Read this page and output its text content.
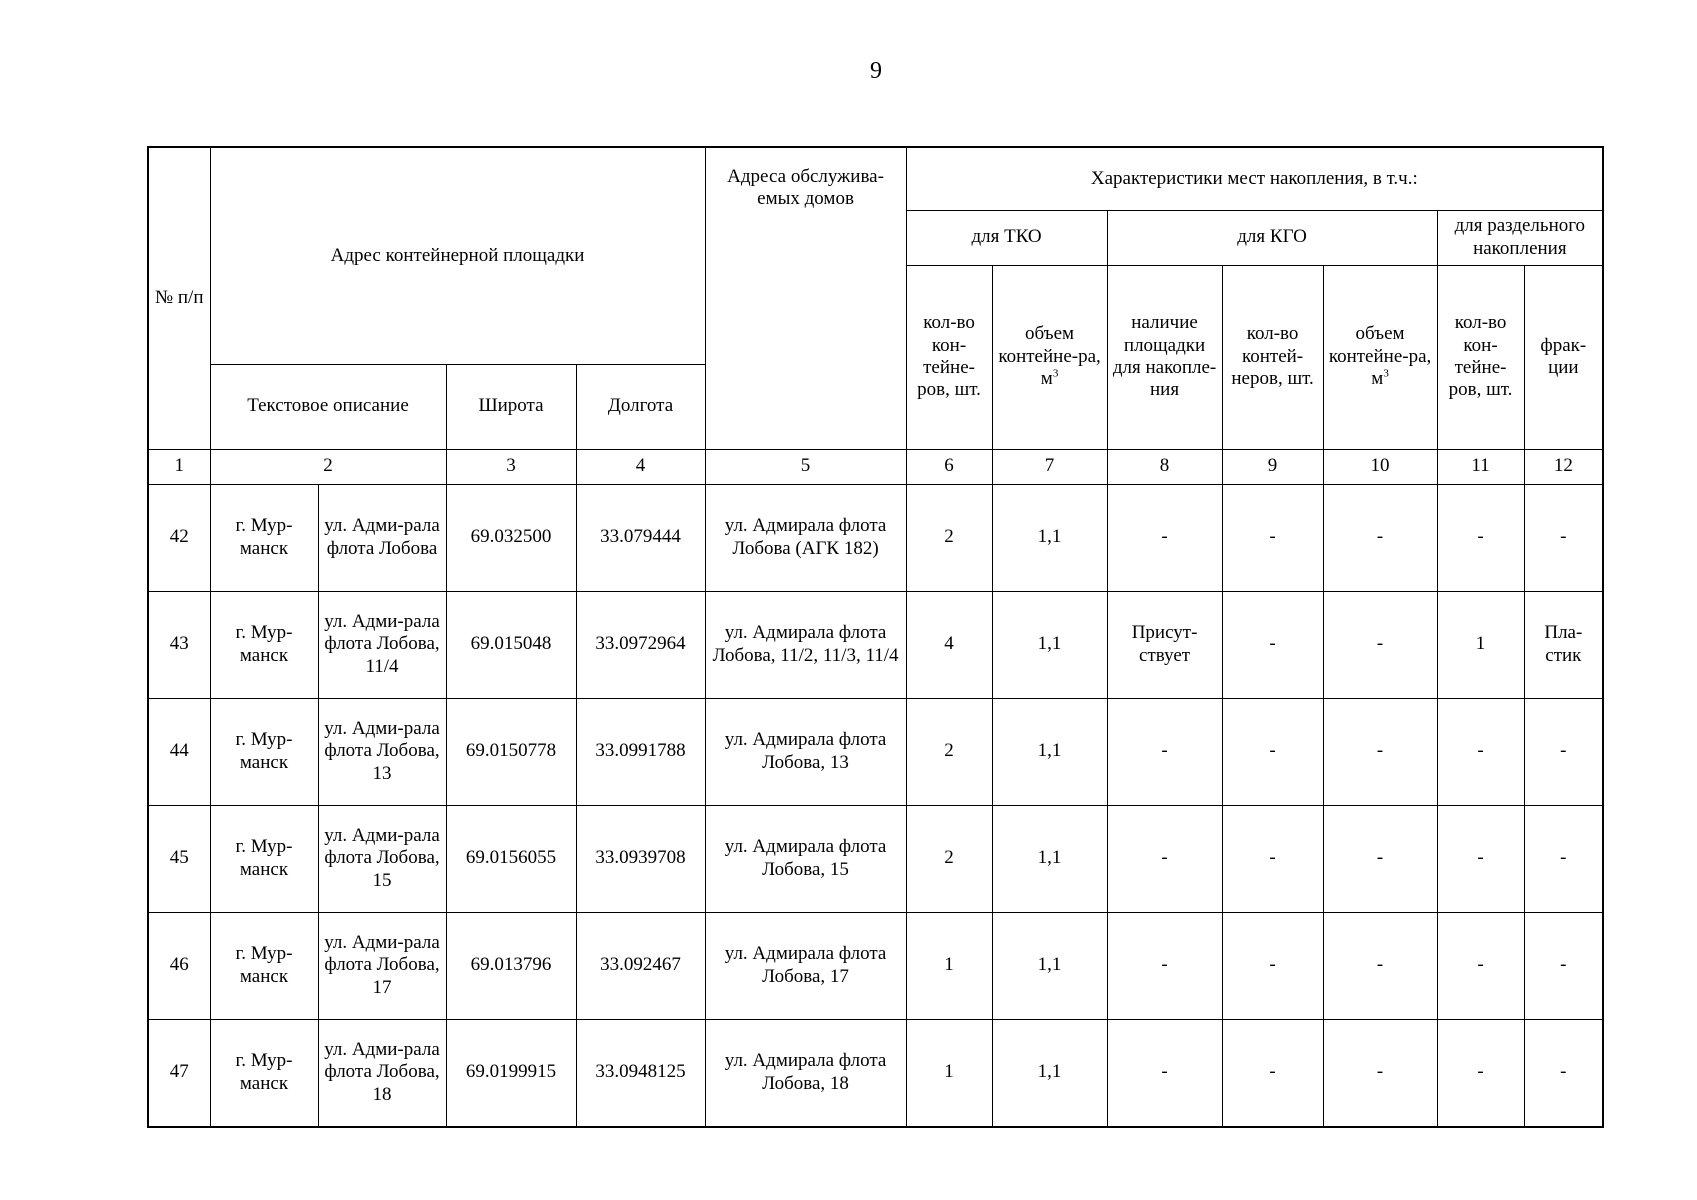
9
№ п/п	Адрес контейнерной площадки				Адреса обслужива-емых домов	Характеристики мест накопления, в т.ч.:						
						для ТКО		для КГО			для раздельного накопления	
						кол-во кон-тейне-ров, шт.	объем контейне-ра, $м^3$	наличие площадки для накопле-ния	кол-во контей-неров, шт.	объем контейне-ра, $м^3$	кол-во кон-тейне-ров, шт.	фрак-ции
	Текстовое описание		Широта	Долгота								
1	2		3	4	5	6	7	8	9	10	11	12
42	г. Мур-манск	ул. Адми-рала флота Лобова	69.032500	33.079444	ул. Адмирала флота Лобова (АГК 182)	2	1,1	-	-	-	-	-
43	г. Мур-манск	ул. Адми-рала флота Лобова, 11/4	69.015048	33.0972964	ул. Адмирала флота Лобова, 11/2, 11/3, 11/4	4	1,1	Присут-ствует	-	-	1	Пла-стик
44	г. Мур-манск	ул. Адми-рала флота Лобова, 13	69.0150778	33.0991788	ул. Адмирала флота Лобова, 13	2	1,1	-	-	-	-	-
45	г. Мур-манск	ул. Адми-рала флота Лобова, 15	69.0156055	33.0939708	ул. Адмирала флота Лобова, 15	2	1,1	-	-	-	-	-
46	г. Мур-манск	ул. Адми-рала флота Лобова, 17	69.013796	33.092467	ул. Адмирала флота Лобова, 17	1	1,1	-	-	-	-	-
47	г. Мур-манск	ул. Адми-рала флота Лобова, 18	69.0199915	33.0948125	ул. Адмирала флота Лобова, 18	1	1,1	-	-	-	-	-
